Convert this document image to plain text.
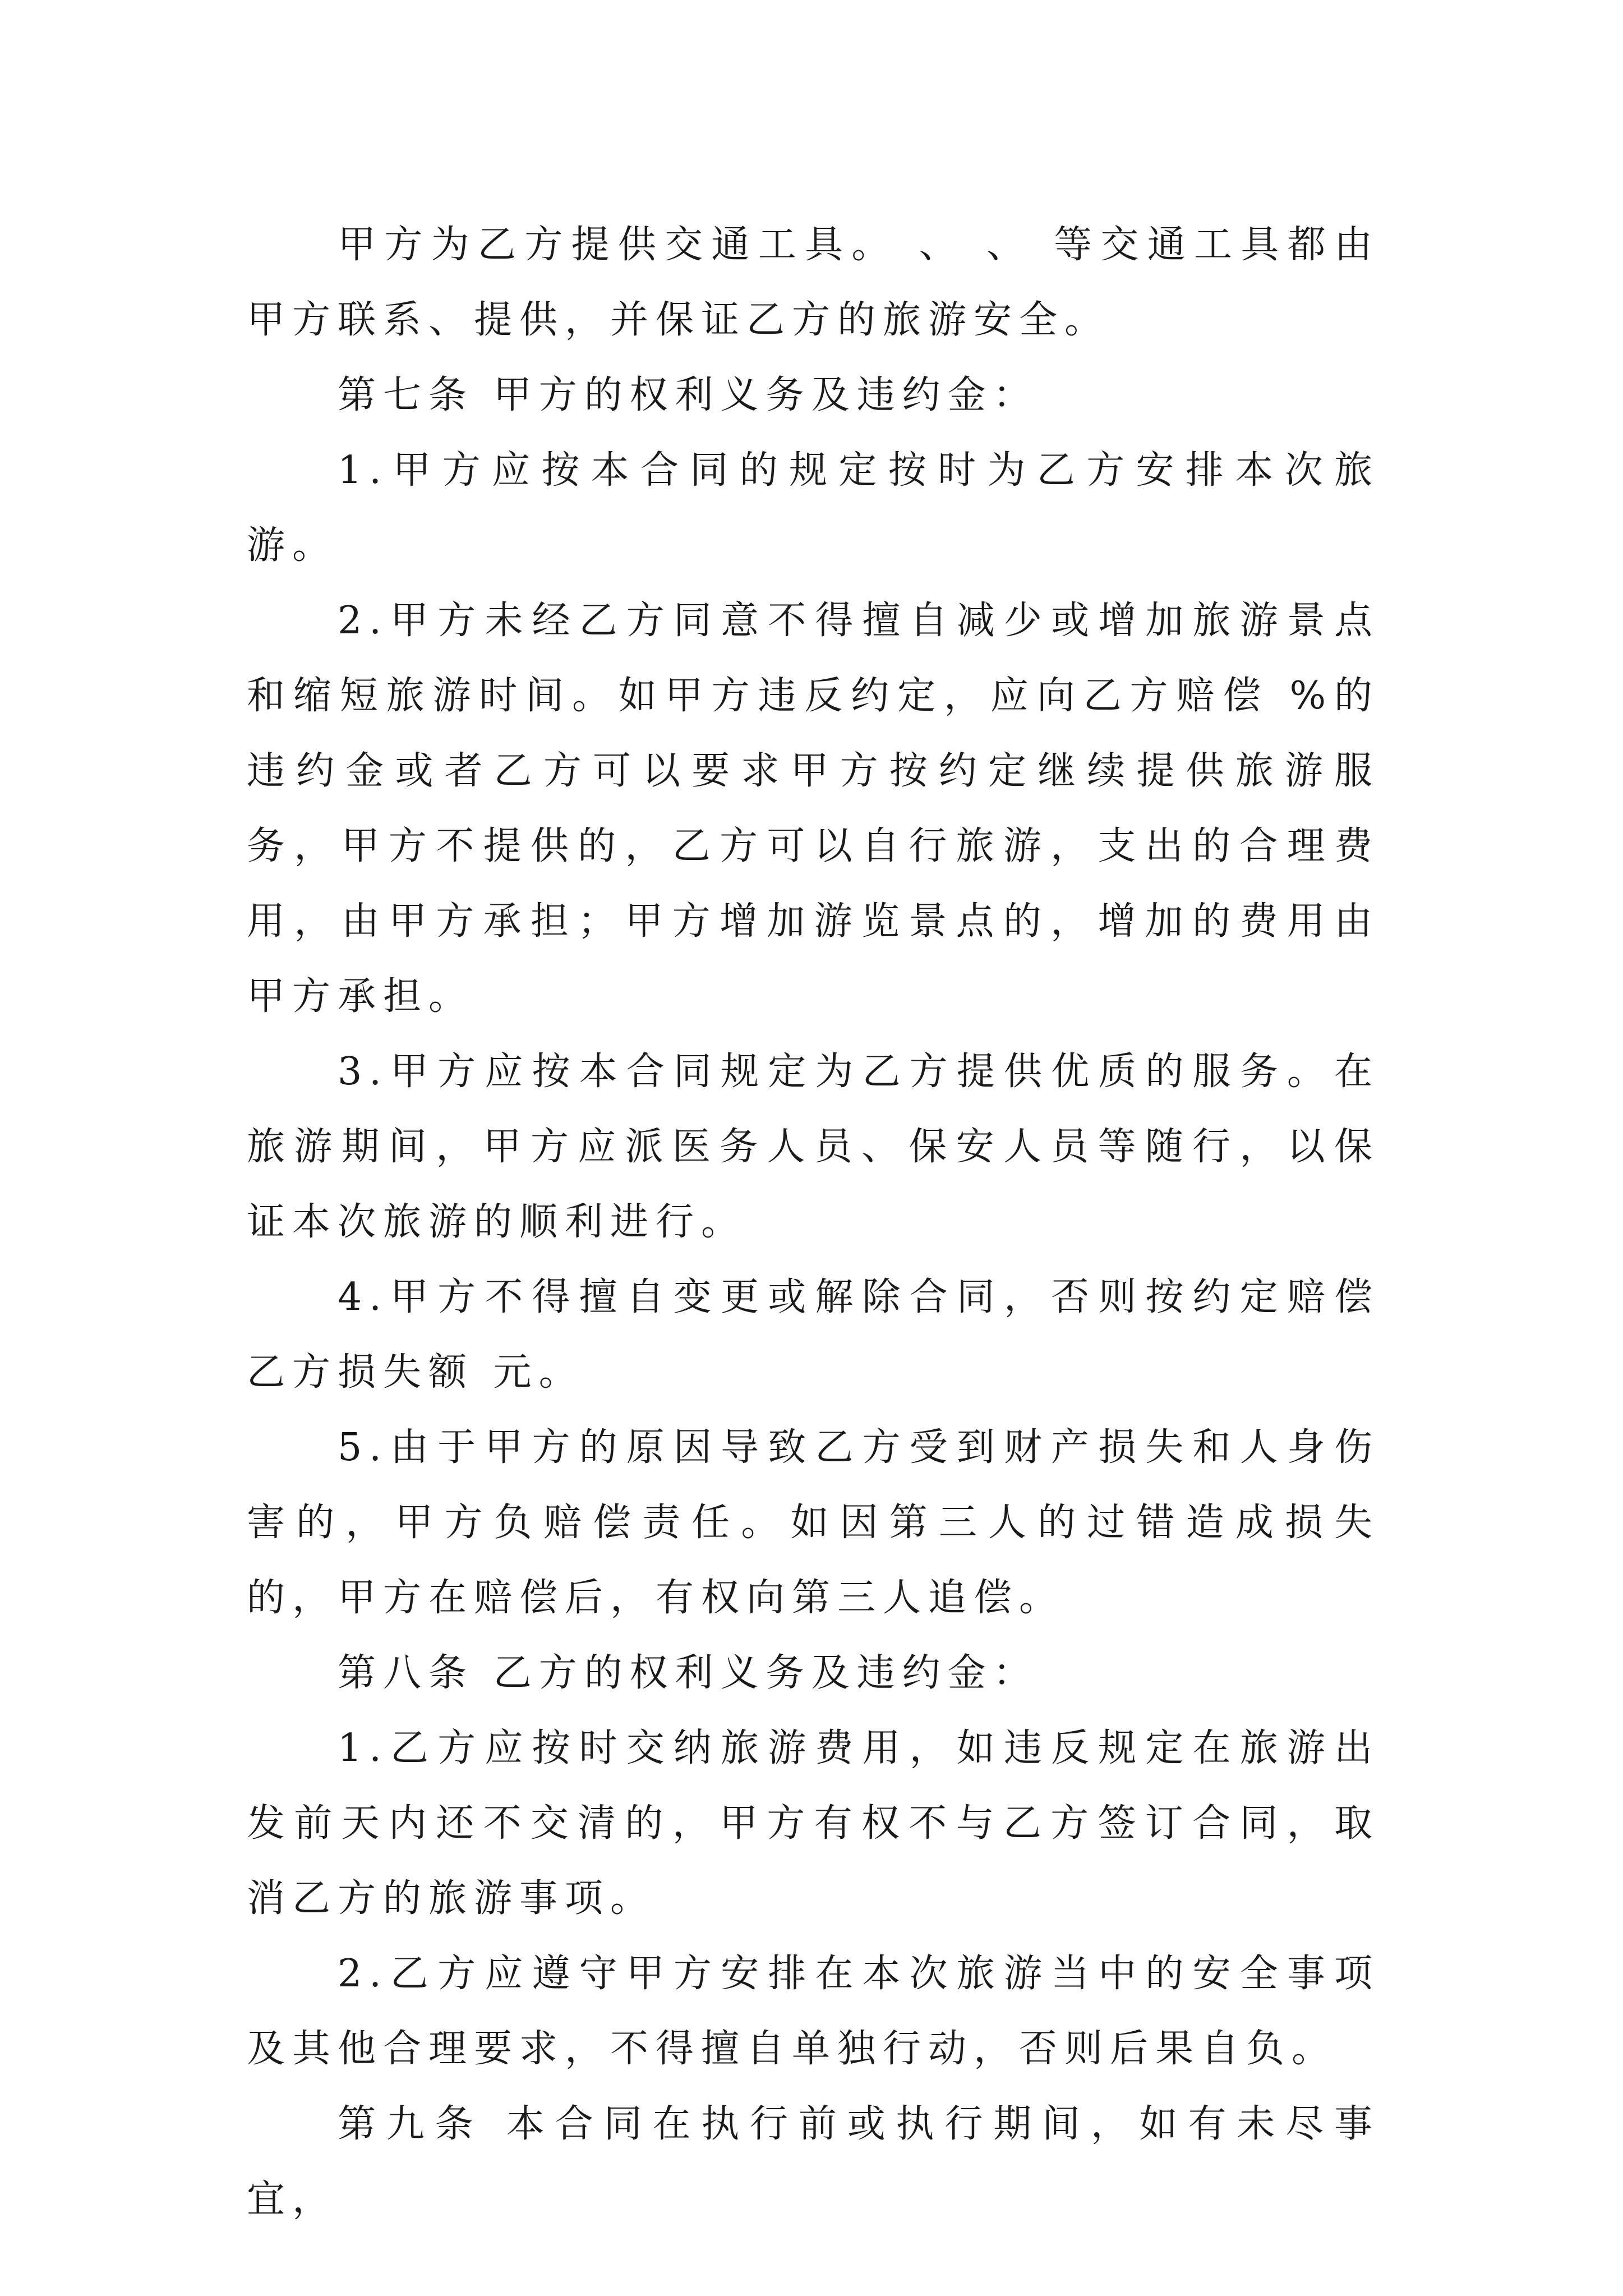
甲方为乙方提供交通工具。 、 、 等交通工具都由甲方联系、提供，并保证乙方的旅游安全。

第七条 甲方的权利义务及违约金：

1.甲方应按本合同的规定按时为乙方安排本次旅游。

2.甲方未经乙方同意不得擅自减少或增加旅游景点和缩短旅游时间。如甲方违反约定，应向乙方赔偿 %的违约金或者乙方可以要求甲方按约定继续提供旅游服务，甲方不提供的，乙方可以自行旅游，支出的合理费用，由甲方承担；甲方增加游览景点的，增加的费用由甲方承担。

3.甲方应按本合同规定为乙方提供优质的服务。在旅游期间，甲方应派医务人员、保安人员等随行，以保证本次旅游的顺利进行。

4.甲方不得擅自变更或解除合同，否则按约定赔偿乙方损失额 元。

5.由于甲方的原因导致乙方受到财产损失和人身伤害的，甲方负赔偿责任。如因第三人的过错造成损失的，甲方在赔偿后，有权向第三人追偿。

第八条 乙方的权利义务及违约金：

1.乙方应按时交纳旅游费用，如违反规定在旅游出发前天内还不交清的，甲方有权不与乙方签订合同，取消乙方的旅游事项。

2.乙方应遵守甲方安排在本次旅游当中的安全事项及其他合理要求，不得擅自单独行动，否则后果自负。

第九条 本合同在执行前或执行期间，如有未尽事宜，
